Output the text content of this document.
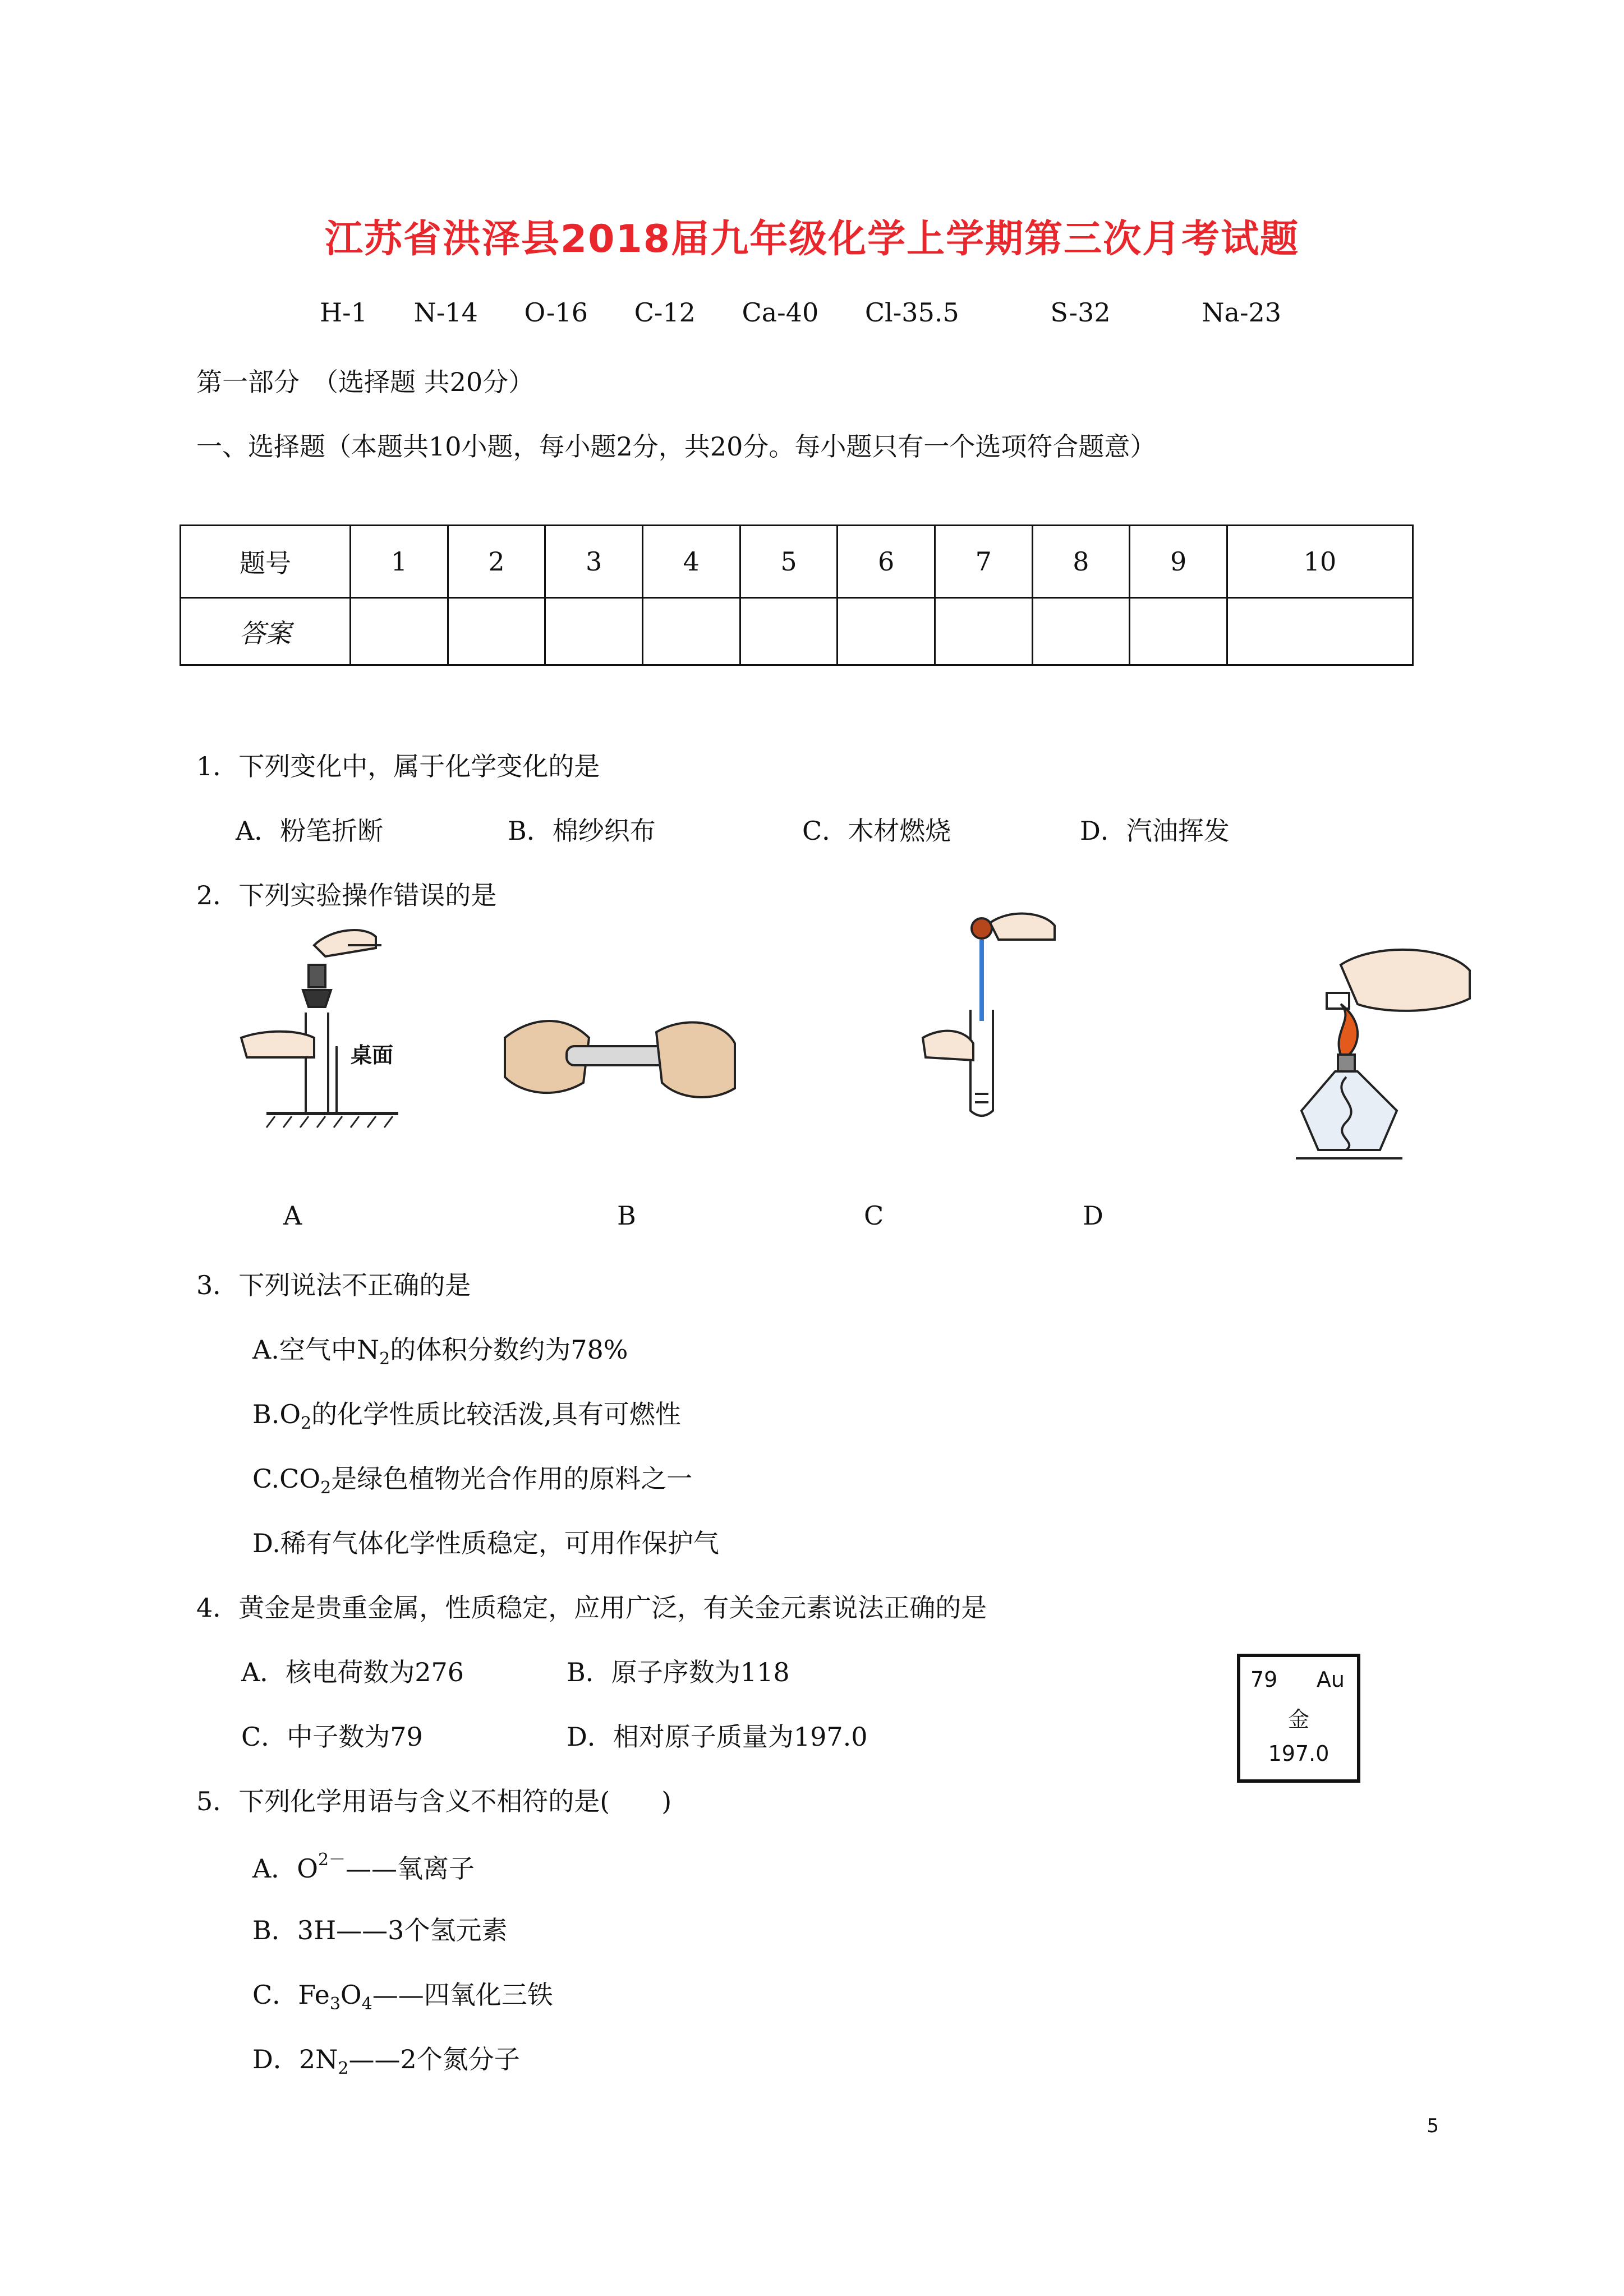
江苏省洪泽县2018届九年级化学上学期第三次月考试题
H-1 N-14 O-16 C-12 Ca-40 Cl-35.5	S-32	Na-23
第一部分　（选择题 共20分）
一、选择题（本题共10小题，每小题2分，共20分。每小题只有一个选项符合题意）
题号	1	2	3	4	5	6	7	8	9	10
答案										
1．下列变化中，属于化学变化的是
A．粉笔折断	B．棉纱织布	C．木材燃烧	D．汽油挥发
2．下列实验操作错误的是
桌面
A	B	C	D
3．下列说法不正确的是
A.空气中$N_2$的体积分数约为78%
$B.O_2$的化学性质比较活泼,具有可燃性
$C.CO_2$是绿色植物光合作用的原料之一
D.稀有气体化学性质稳定，可用作保护气
4．黄金是贵重金属，性质稳定，应用广泛，有关金元素说法正确的是
A．核电荷数为276	B．原子序数为118
C．中子数为79	D．相对原子质量为197.0
79 Au
金
197.0
5．下列化学用语与含义不相符的是(　　)
A．$O^{2-}——$氧离子
B．3H——3个氢元素
C．$Fe_3O_4——$四氧化三铁
D．$2N_2——2$个氮分子
5
